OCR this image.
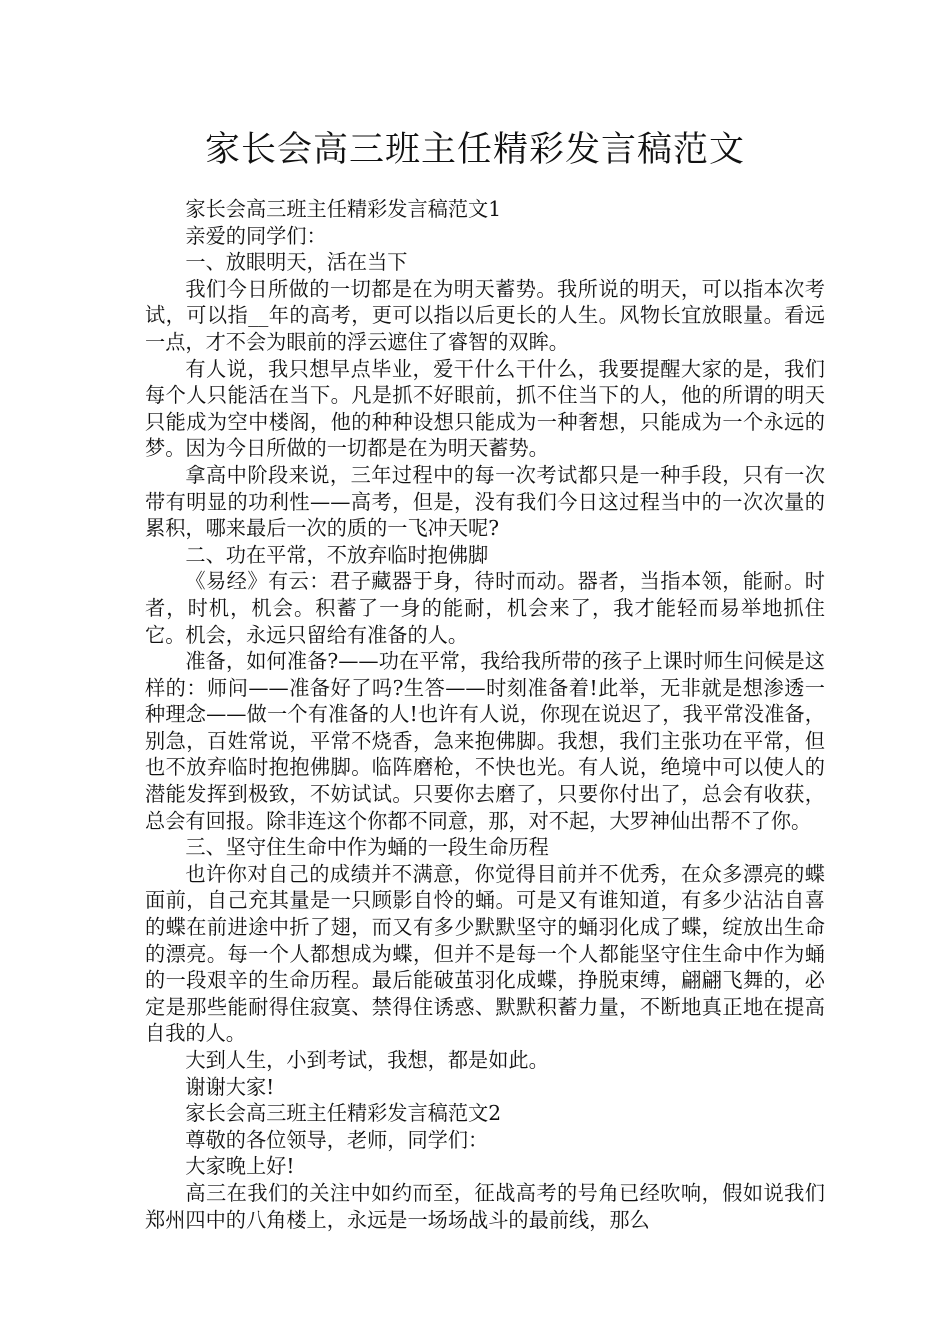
家长会高三班主任精彩发言稿范文

家长会高三班主任精彩发言稿范文1

亲爱的同学们：

一、放眼明天，活在当下

我们今日所做的一切都是在为明天蓄势。我所说的明天，可以指本次考试，可以指__年的高考，更可以指以后更长的人生。风物长宜放眼量。看远一点，才不会为眼前的浮云遮住了睿智的双眸。

有人说，我只想早点毕业，爱干什么干什么，我要提醒大家的是，我们每个人只能活在当下。凡是抓不好眼前，抓不住当下的人，他的所谓的明天只能成为空中楼阁，他的种种设想只能成为一种奢想，只能成为一个永远的梦。因为今日所做的一切都是在为明天蓄势。

拿高中阶段来说，三年过程中的每一次考试都只是一种手段，只有一次带有明显的功利性——高考，但是，没有我们今日这过程当中的一次次量的累积，哪来最后一次的质的一飞冲天呢?

二、功在平常，不放弃临时抱佛脚

《易经》有云：君子藏器于身，待时而动。器者，当指本领，能耐。时者，时机，机会。积蓄了一身的能耐，机会来了，我才能轻而易举地抓住它。机会，永远只留给有准备的人。

准备，如何准备?——功在平常，我给我所带的孩子上课时师生问候是这样的：师问——准备好了吗?生答——时刻准备着!此举，无非就是想渗透一种理念——做一个有准备的人!也许有人说，你现在说迟了，我平常没准备，别急，百姓常说，平常不烧香，急来抱佛脚。我想，我们主张功在平常，但也不放弃临时抱抱佛脚。临阵磨枪，不快也光。有人说，绝境中可以使人的潜能发挥到极致，不妨试试。只要你去磨了，只要你付出了，总会有收获，总会有回报。除非连这个你都不同意，那，对不起，大罗神仙出帮不了你。

三、坚守住生命中作为蛹的一段生命历程

也许你对自己的成绩并不满意，你觉得目前并不优秀，在众多漂亮的蝶面前，自己充其量是一只顾影自怜的蛹。可是又有谁知道，有多少沾沾自喜的蝶在前进途中折了翅，而又有多少默默坚守的蛹羽化成了蝶，绽放出生命的漂亮。每一个人都想成为蝶，但并不是每一个人都能坚守住生命中作为蛹的一段艰辛的生命历程。最后能破茧羽化成蝶，挣脱束缚，翩翩飞舞的，必定是那些能耐得住寂寞、禁得住诱惑、默默积蓄力量，不断地真正地在提高自我的人。

大到人生，小到考试，我想，都是如此。

谢谢大家!

家长会高三班主任精彩发言稿范文2

尊敬的各位领导，老师，同学们：

大家晚上好!

高三在我们的关注中如约而至，征战高考的号角已经吹响，假如说我们郑州四中的八角楼上，永远是一场场战斗的最前线，那么
